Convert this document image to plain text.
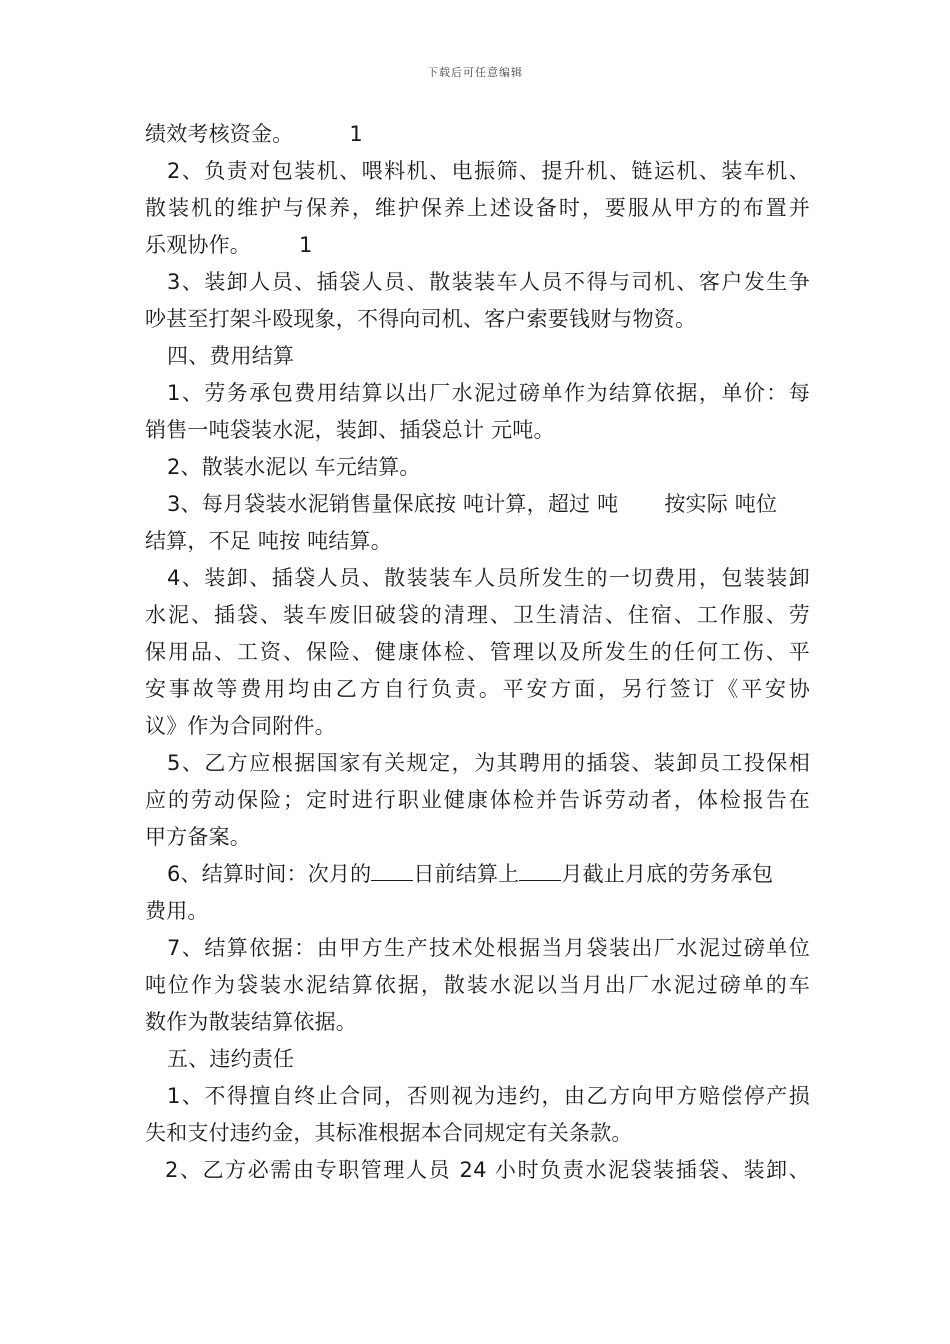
下载后可任意编辑
绩效考核资金。	1
2、负责对包装机、喂料机、电振筛、提升机、链运机、装车机、
散装机的维护与保养，维护保养上述设备时，要服从甲方的布置并
乐观协作。 1
3、装卸人员、插袋人员、散装装车人员不得与司机、客户发生争
吵甚至打架斗殴现象，不得向司机、客户索要钱财与物资。
四、费用结算
1、劳务承包费用结算以出厂水泥过磅单作为结算依据，单价：每
销售一吨袋装水泥，装卸、插袋总计 元吨。
2、散装水泥以 车元结算。
3、每月袋装水泥销售量保底按 吨计算，超过 吨 按实际 吨位
结算，不足 吨按 吨结算。
4、装卸、插袋人员、散装装车人员所发生的一切费用，包装装卸
水泥、插袋、装车废旧破袋的清理、卫生清洁、住宿、工作服、劳
保用品、工资、保险、健康体检、管理以及所发生的任何工伤、平
安事故等费用均由乙方自行负责。平安方面，另行签订《平安协
议》作为合同附件。
5、乙方应根据国家有关规定，为其聘用的插袋、装卸员工投保相
应的劳动保险；定时进行职业健康体检并告诉劳动者，体检报告在
甲方备案。
6、结算时间：次月的 日前结算上 月截止月底的劳务承包
费用。
7、结算依据：由甲方生产技术处根据当月袋装出厂水泥过磅单位
吨位作为袋装水泥结算依据，散装水泥以当月出厂水泥过磅单的车
数作为散装结算依据。
五、违约责任
1、不得擅自终止合同，否则视为违约，由乙方向甲方赔偿停产损
失和支付违约金，其标准根据本合同规定有关条款。
2、乙方必需由专职管理人员 24 小时负责水泥袋装插袋、装卸、
